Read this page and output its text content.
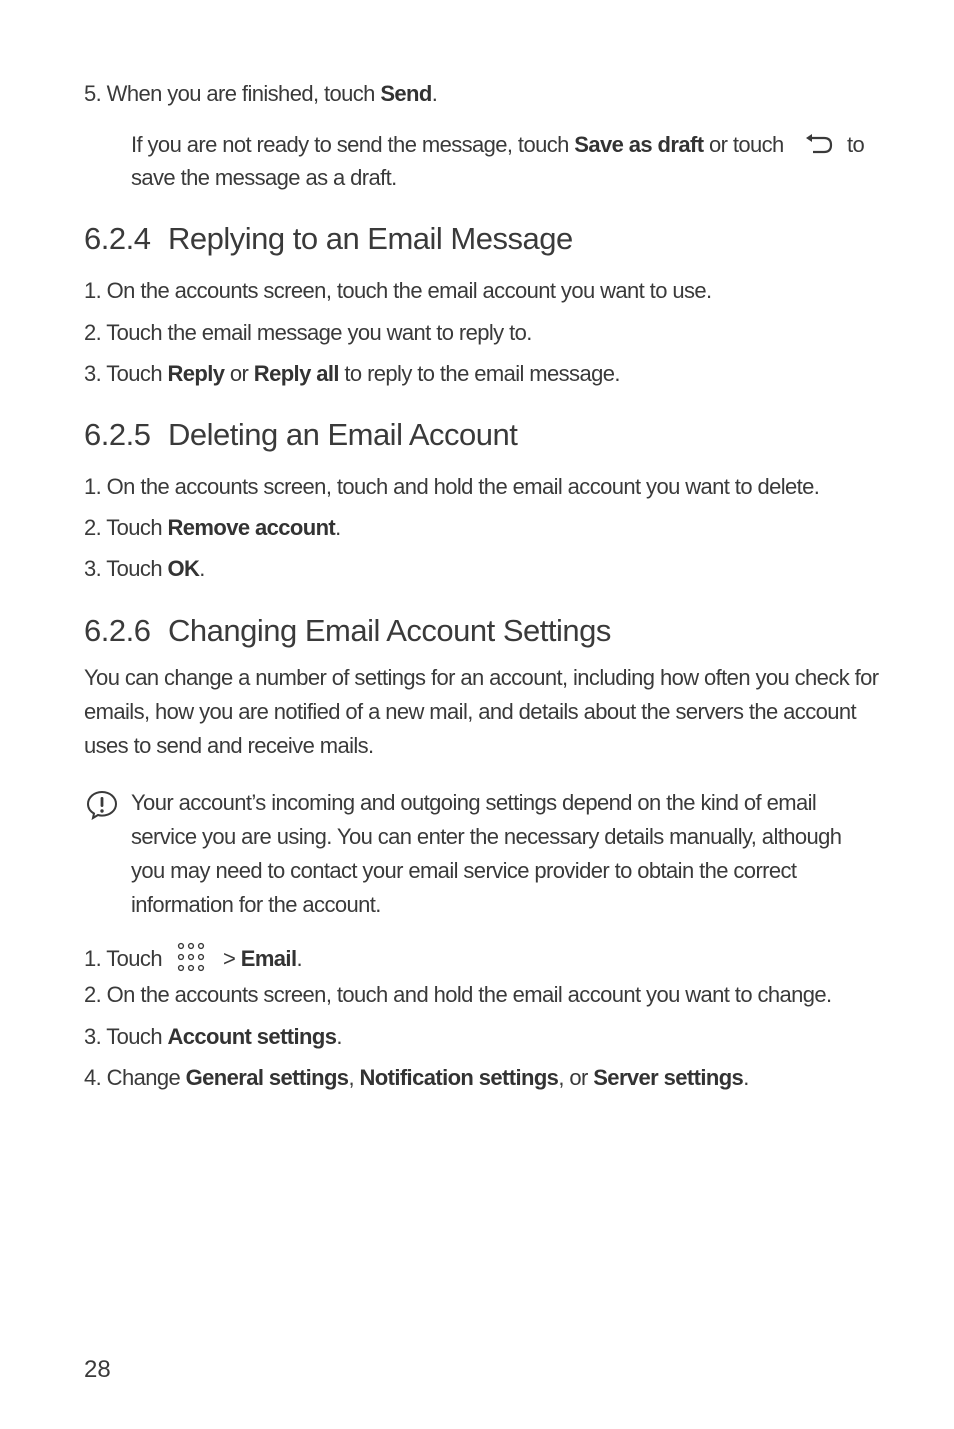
5. When you are finished, touch Send.
If you are not ready to send the message, touch Save as draft or touch	to
save the message as a draft.
6.2.4 Replying to an Email Message
1. On the accounts screen, touch the email account you want to use.
2. Touch the email message you want to reply to.
3. Touch Reply or Reply all to reply to the email message.
6.2.5 Deleting an Email Account
1. On the accounts screen, touch and hold the email account you want to delete.
2. Touch Remove account.
3. Touch OK.
6.2.6 Changing Email Account Settings
You can change a number of settings for an account, including how often you check for emails, how you are notified of a new mail, and details about the servers the account uses to send and receive mails.
Your account’s incoming and outgoing settings depend on the kind of email service you are using. You can enter the necessary details manually, although you may need to contact your email service provider to obtain the correct information for the account.
1. Touch	> Email.
2. On the accounts screen, touch and hold the email account you want to change.
3. Touch Account settings.
4. Change General settings, Notification settings, or Server settings.
28
